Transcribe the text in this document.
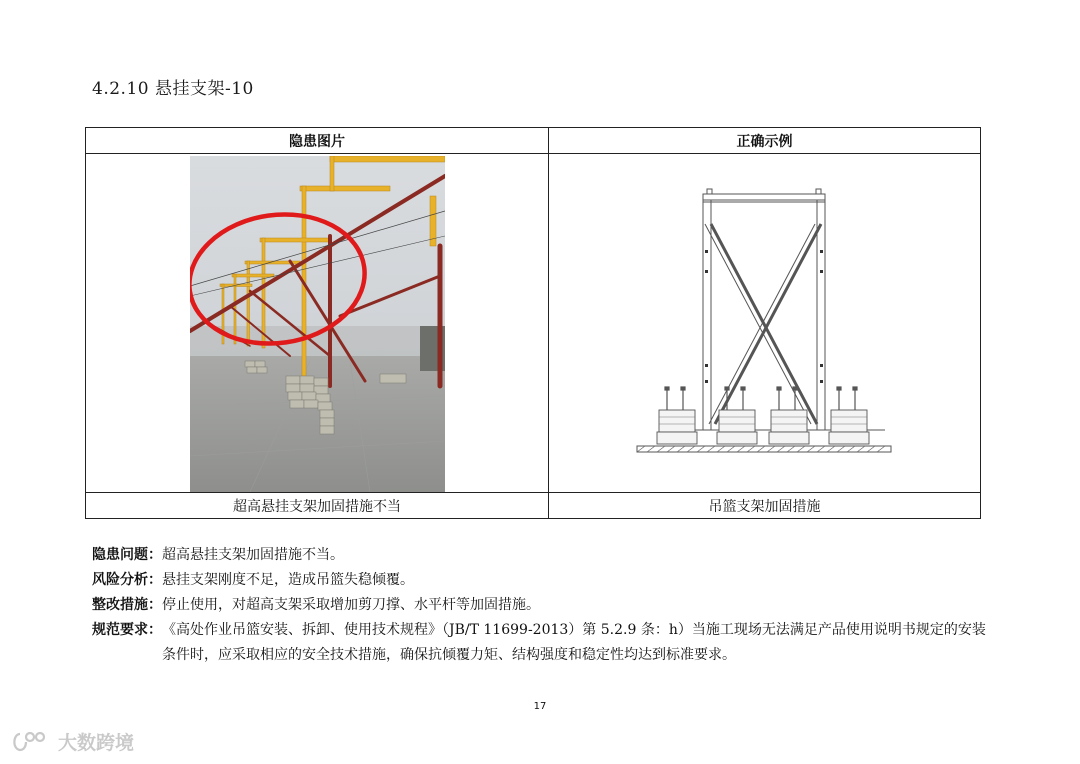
4.2.10 悬挂支架-10
隐患图片	正确示例

超高悬挂支架加固措施不当	吊篮支架加固措施
隐患问题： 超高悬挂支架加固措施不当。
风险分析： 悬挂支架刚度不足，造成吊篮失稳倾覆。
整改措施： 停止使用，对超高支架采取增加剪刀撑、水平杆等加固措施。
规范要求： 《高处作业吊篮安装、拆卸、使用技术规程》（JB/T 11699-2013）第 5.2.9 条：h）当施工现场无法满足产品使用说明书规定的安装条件时，应采取相应的安全技术措施，确保抗倾覆力矩、结构强度和稳定性均达到标准要求。
17
大数跨境
